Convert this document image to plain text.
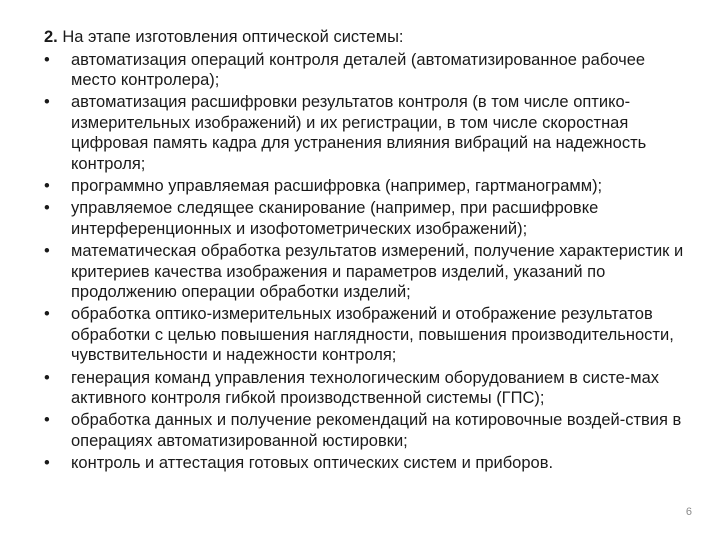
2. На этапе изготовления оптической системы:

• автоматизация операций контроля деталей (автоматизированное рабочее место контролера);
• автоматизация расшифровки результатов контроля (в том числе оптико-измерительных изображений) и их регистрации, в том числе скоростная цифровая память кадра для устранения влияния вибраций на надежность контроля;
• программно управляемая расшифровка (например, гартманограмм);
• управляемое следящее сканирование (например, при расшифровке интерференционных и изофотометрических изображений);
• математическая обработка результатов измерений, получение характеристик и критериев качества изображения и параметров изделий, указаний по продолжению операции обработки изделий;
• обработка оптико-измерительных изображений и отображение результатов обработки с целью повышения наглядности, повышения производительности, чувствительности и надежности контроля;
• генерация команд управления технологическим оборудованием в систе-мах активного контроля гибкой производственной системы (ГПС);
• обработка данных и получение рекомендаций на котировочные воздей-ствия в операциях автоматизированной юстировки;
• контроль и аттестация готовых оптических систем и приборов.
6
